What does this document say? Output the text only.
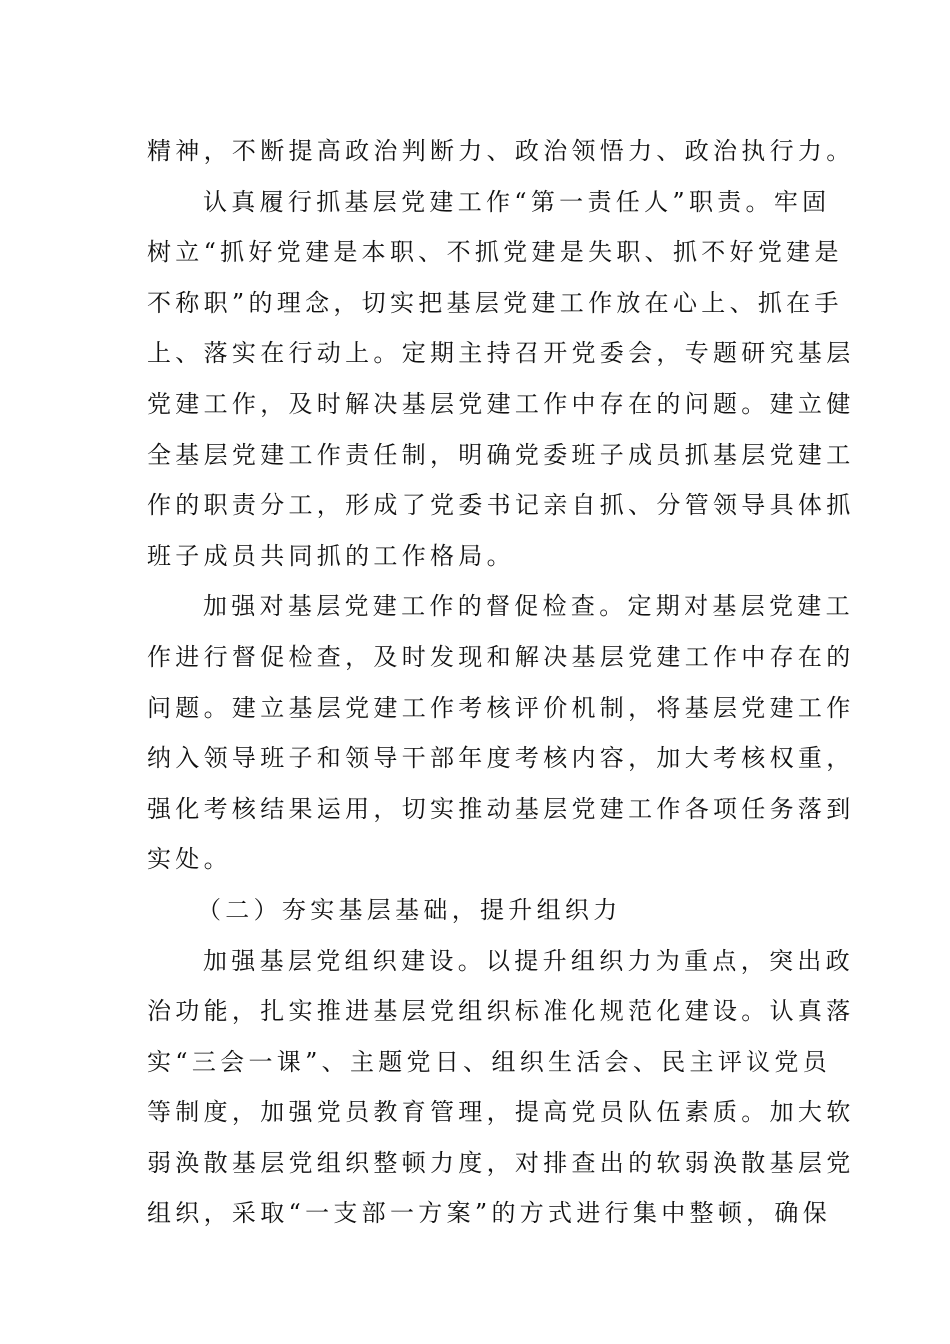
精神，不断提高政治判断力、政治领悟力、政治执行力。
认真履行抓基层党建工作“第一责任人”职责。牢固
树立“抓好党建是本职、不抓党建是失职、抓不好党建是
不称职”的理念，切实把基层党建工作放在心上、抓在手
上、落实在行动上。定期主持召开党委会，专题研究基层
党建工作，及时解决基层党建工作中存在的问题。建立健
全基层党建工作责任制，明确党委班子成员抓基层党建工
作的职责分工，形成了党委书记亲自抓、分管领导具体抓
班子成员共同抓的工作格局。
加强对基层党建工作的督促检查。定期对基层党建工
作进行督促检查，及时发现和解决基层党建工作中存在的
问题。建立基层党建工作考核评价机制，将基层党建工作
纳入领导班子和领导干部年度考核内容，加大考核权重，
强化考核结果运用，切实推动基层党建工作各项任务落到
实处。
（二）夯实基层基础，提升组织力
加强基层党组织建设。以提升组织力为重点，突出政
治功能，扎实推进基层党组织标准化规范化建设。认真落
实“三会一课”、主题党日、组织生活会、民主评议党员
等制度，加强党员教育管理，提高党员队伍素质。加大软
弱涣散基层党组织整顿力度，对排查出的软弱涣散基层党
组织，采取“一支部一方案”的方式进行集中整顿，确保
